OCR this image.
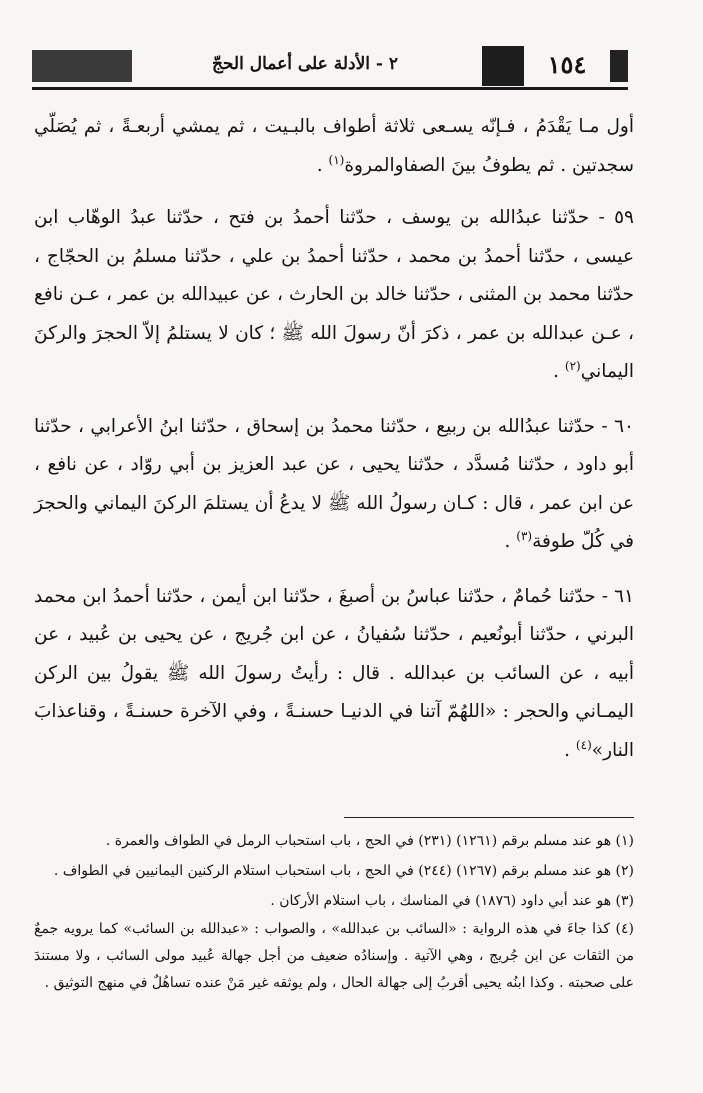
٢ - الأدلة على أعمال الحجّ	١٥٤

أول مـا يَقْدَمُ ، فـإنّه يسـعى ثلاثة أطواف بالبـيت ، ثم يمشي أربعـةً ، ثم يُصَلّي سجدتين . ثم يطوفُ بينَ الصفاوالمروة$^{(١)}$ .

٥٩ - حدّثنا عبدُالله بن يوسف ، حدّثنا أحمدُ بن فتح ، حدّثنا عبدُ الوهّاب ابن عيسى ، حدّثنا أحمدُ بن محمد ، حدّثنا أحمدُ بن علي ، حدّثنا مسلمُ بن الحجّاج ، حدّثنا محمد بن المثنى ، حدّثنا خالد بن الحارث ، عن عبيدالله بن عمر ، عـن نافع ، عـن عبدالله بن عمر ، ذكرَ أنّ رسولَ الله ﷺ ؛ كان لا يستلمُ إلاّ الحجرَ والركنَ اليماني$^{(٢)}$ .

٦٠ - حدّثنا عبدُالله بن ربيع ، حدّثنا محمدُ بن إسحاق ، حدّثنا ابنُ الأعرابي ، حدّثنا أبو داود ، حدّثنا مُسدَّد ، حدّثنا يحيى ، عن عبد العزيز بن أبي روّاد ، عن نافع ، عن ابن عمر ، قال : كـان رسولُ الله ﷺ لا يدعُ أن يستلمَ الركنَ اليماني والحجرَ في كُلّ طوفة$^{(٣)}$ .

٦١ - حدّثنا حُمامٌ ، حدّثنا عباسُ بن أصبغَ ، حدّثنا ابن أيمن ، حدّثنا أحمدُ ابن محمد البرني ، حدّثنا أبونُعيم ، حدّثنا سُفيانُ ، عن ابن جُريج ، عن يحيى بن عُبيد ، عن أبيه ، عن السائب بن عبدالله . قال : رأيتُ رسولَ الله ﷺ يقولُ بين الركن اليمـاني والحجر : «اللهُمّ آتنا في الدنيـا حسنـةً ، وفي الآخرة حسنـةً ، وقناعذابَ النار»$^{(٤)}$ .

(١) هو عند مسلم برقم (١٢٦١) (٢٣١) في الحج ، باب استحباب الرمل في الطواف والعمرة .

(٢) هو عند مسلم برقم (١٢٦٧) (٢٤٤) في الحج ، باب استحباب استلام الركنين اليمانيين في الطواف .

(٣) هو عند أبي داود (١٨٧٦) في المناسك ، باب استلام الأركان .

(٤) كذا جاءَ في هذه الرواية : «السائب بن عبدالله» ، والصواب : «عبدالله بن السائب» كما يرويه جمعٌ من الثقات عن ابن جُريج ، وهي الآتية . وإسنادُه ضعيف من أجل جهالة عُبيد مولى السائب ، ولا مستندَ على صحبته . وكذا ابنُه يحيى أقربُ إلى جهالة الحال ، ولم يوثقه غير مَنْ عنده تساهُلٌ في منهج التوثيق .
